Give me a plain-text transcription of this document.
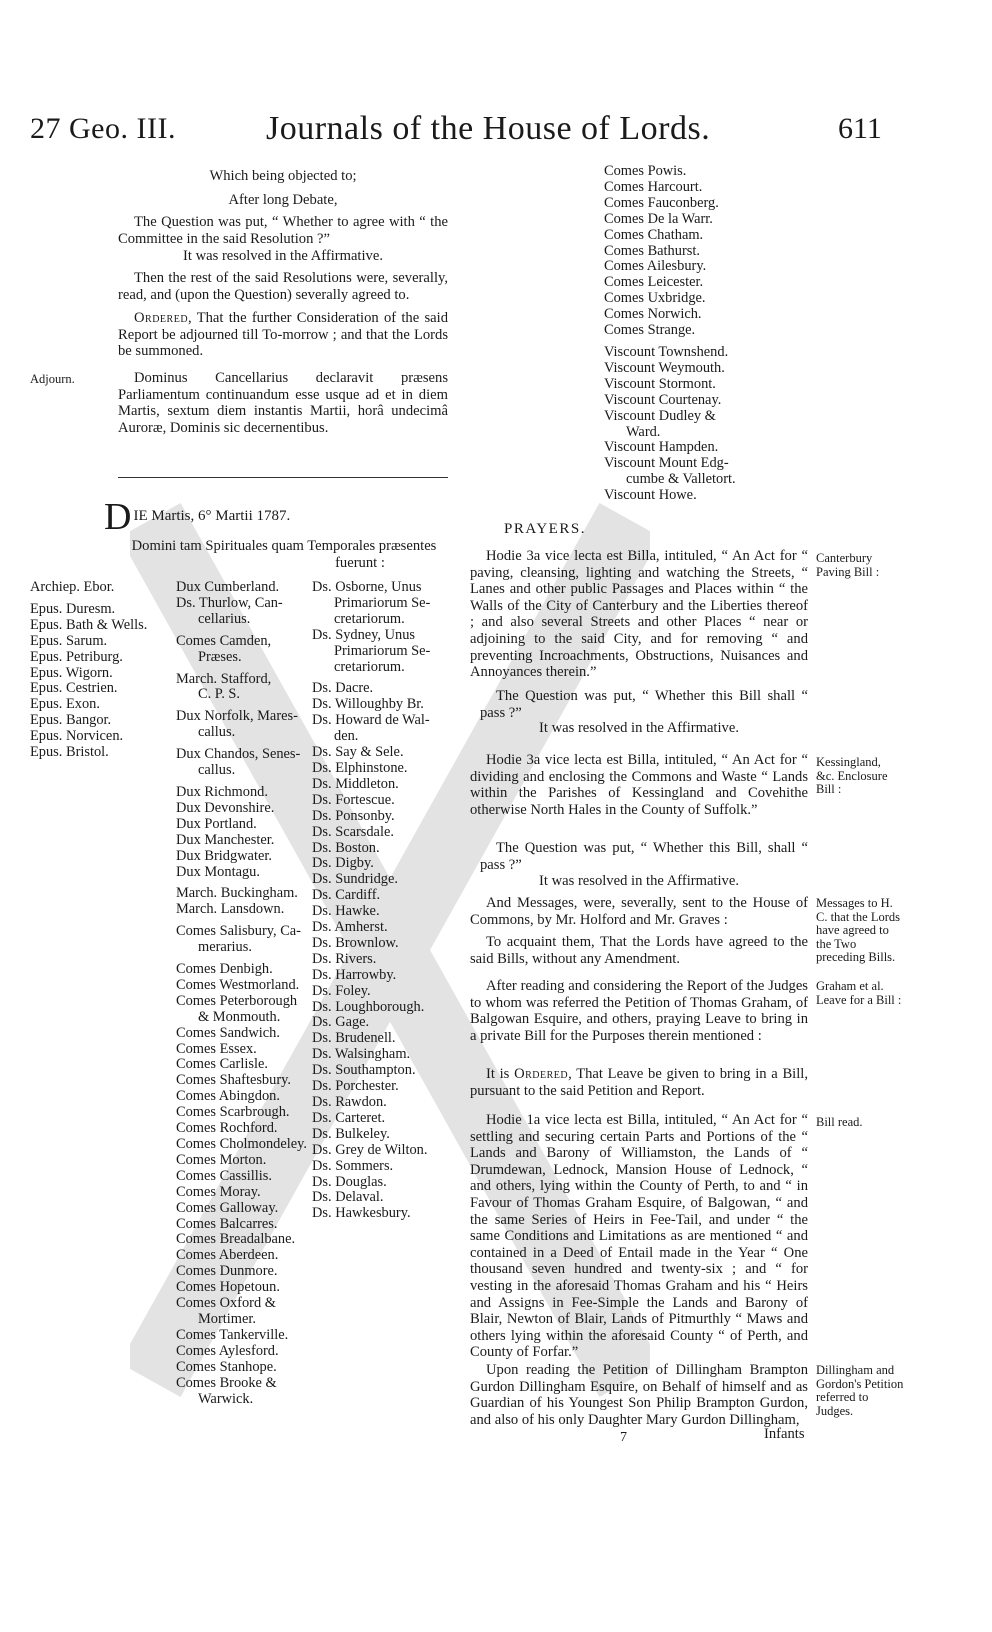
27 Geo. III.	Journals of the House of Lords.	611
Which being objected to;
After long Debate,
The Question was put, “ Whether to agree with “ the Committee in the said Resolution ?”
It was resolved in the Affirmative.
Then the rest of the said Resolutions were, severally, read, and (upon the Question) severally agreed to.
Ordered, That the further Consideration of the said Report be adjourned till To-morrow ; and that the Lords be summoned.
Adjourn.	Dominus Cancellarius declaravit præsens Parliamentum continuandum esse usque ad et in diem Martis, sextum diem instantis Martii, horâ undecimâ Auroræ, Dominis sic decernentibus.
D IE Martis, 6° Martii 1787.
Domini tam Spirituales quam Temporales præsentes
fuerunt :
Archiep. Ebor.
Epus. Duresm.
Epus. Bath & Wells.
Epus. Sarum.
Epus. Petriburg.
Epus. Wigorn.
Epus. Cestrien.
Epus. Exon.
Epus. Bangor.
Epus. Norvicen.
Epus. Bristol.
Dux Cumberland.
Ds. Thurlow, Can-
cellarius.
Comes Camden,
Præses.
March. Stafford,
C. P. S.
Dux Norfolk, Mares-
callus.
Dux Chandos, Senes-
callus.
Dux Richmond.
Dux Devonshire.
Dux Portland.
Dux Manchester.
Dux Bridgwater.
Dux Montagu.
March. Buckingham.
March. Lansdown.
Comes Salisbury, Ca-
merarius.
Comes Denbigh.
Comes Westmorland.
Comes Peterborough
& Monmouth.
Comes Sandwich.
Comes Essex.
Comes Carlisle.
Comes Shaftesbury.
Comes Abingdon.
Comes Scarbrough.
Comes Rochford.
Comes Cholmondeley.
Comes Morton.
Comes Cassillis.
Comes Moray.
Comes Galloway.
Comes Balcarres.
Comes Breadalbane.
Comes Aberdeen.
Comes Dunmore.
Comes Hopetoun.
Comes Oxford &
Mortimer.
Comes Tankerville.
Comes Aylesford.
Comes Stanhope.
Comes Brooke &
Warwick.
Ds. Osborne, Unus
Primariorum Se-
cretariorum.
Ds. Sydney, Unus
Primariorum Se-
cretariorum.
Ds. Dacre.
Ds. Willoughby Br.
Ds. Howard de Wal-
den.
Ds. Say & Sele.
Ds. Elphinstone.
Ds. Middleton.
Ds. Fortescue.
Ds. Ponsonby.
Ds. Scarsdale.
Ds. Boston.
Ds. Digby.
Ds. Sundridge.
Ds. Cardiff.
Ds. Hawke.
Ds. Amherst.
Ds. Brownlow.
Ds. Rivers.
Ds. Harrowby.
Ds. Foley.
Ds. Loughborough.
Ds. Gage.
Ds. Brudenell.
Ds. Walsingham.
Ds. Southampton.
Ds. Porchester.
Ds. Rawdon.
Ds. Carteret.
Ds. Bulkeley.
Ds. Grey de Wilton.
Ds. Sommers.
Ds. Douglas.
Ds. Delaval.
Ds. Hawkesbury.
Comes Powis.
Comes Harcourt.
Comes Fauconberg.
Comes De la Warr.
Comes Chatham.
Comes Bathurst.
Comes Ailesbury.
Comes Leicester.
Comes Uxbridge.
Comes Norwich.
Comes Strange.
Viscount Townshend.
Viscount Weymouth.
Viscount Stormont.
Viscount Courtenay.
Viscount Dudley &
Ward.
Viscount Hampden.
Viscount Mount Edg-
cumbe & Valletort.
Viscount Howe.
PRAYERS.
Hodie 3a vice lecta est Billa, intituled, “ An Act for “ paving, cleansing, lighting and watching the Streets, “ Lanes and other public Passages and Places within “ the Walls of the City of Canterbury and the Liberties thereof ; and also several Streets and other Places “ near or adjoining to the said City, and for removing “ and preventing Incroachments, Obstructions, Nuisances and Annoyances therein.”
Canterbury Paving Bill :
The Question was put, “ Whether this Bill shall “ pass ?”
It was resolved in the Affirmative.
Hodie 3a vice lecta est Billa, intituled, “ An Act for “ dividing and enclosing the Commons and Waste “ Lands within the Parishes of Kessingland and Covehithe otherwise North Hales in the County of Suffolk.”
Kessingland, &c. Enclosure Bill :
The Question was put, “ Whether this Bill, shall “ pass ?”
It was resolved in the Affirmative.
And Messages, were, severally, sent to the House of Commons, by Mr. Holford and Mr. Graves :
Messages to H. C. that the Lords have agreed to the Two preceding Bills.
To acquaint them, That the Lords have agreed to the said Bills, without any Amendment.
After reading and considering the Report of the Judges to whom was referred the Petition of Thomas Graham, of Balgowan Esquire, and others, praying Leave to bring in a private Bill for the Purposes therein mentioned :
Graham et al. Leave for a Bill :
It is Ordered, That Leave be given to bring in a Bill, pursuant to the said Petition and Report.
Hodie 1a vice lecta est Billa, intituled, “ An Act for “ settling and securing certain Parts and Portions of the “ Lands and Barony of Williamston, the Lands of “ Drumdewan, Lednock, Mansion House of Lednock, “ and others, lying within the County of Perth, to and “ in Favour of Thomas Graham Esquire, of Balgowan, “ and the same Series of Heirs in Fee-Tail, and under “ the same Conditions and Limitations as are mentioned “ and contained in a Deed of Entail made in the Year “ One thousand seven hundred and twenty-six ; and “ for vesting in the aforesaid Thomas Graham and his “ Heirs and Assigns in Fee-Simple the Lands and Barony of Blair, Newton of Blair, Lands of Pitmurthly “ Maws and others lying within the aforesaid County “ of Perth, and County of Forfar.”
Bill read.
Upon reading the Petition of Dillingham Brampton Gurdon Dillingham Esquire, on Behalf of himself and as Guardian of his Youngest Son Philip Brampton Gurdon, and also of his only Daughter Mary Gurdon Dillingham,
Dillingham and Gordon's Petition referred to Judges.
7	Infants
